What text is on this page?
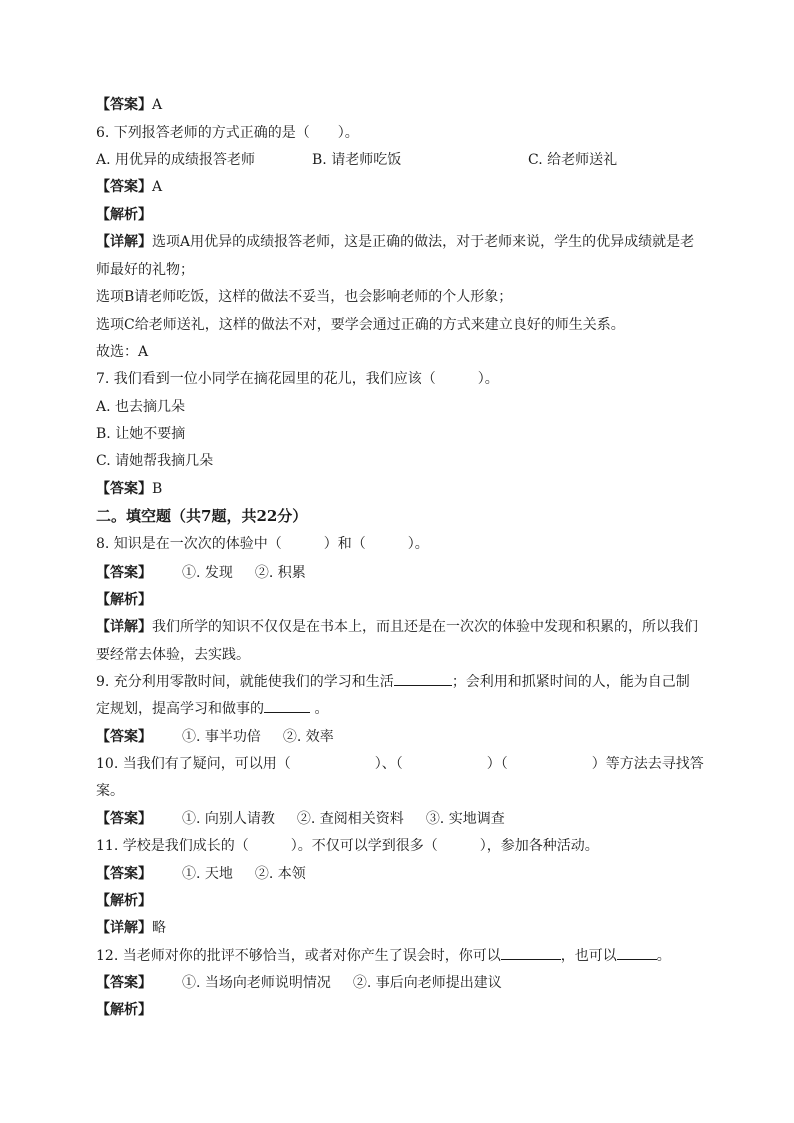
【答案】A
6. 下列报答老师的方式正确的是（　　）。
A. 用优异的成绩报答老师	B. 请老师吃饭	C. 给老师送礼
【答案】A
【解析】
【详解】选项A用优异的成绩报答老师，这是正确的做法，对于老师来说，学生的优异成绩就是老
师最好的礼物；
选项B请老师吃饭，这样的做法不妥当，也会影响老师的个人形象；
选项C给老师送礼，这样的做法不对，要学会通过正确的方式来建立良好的师生关系。
故选：A
7. 我们看到一位小同学在摘花园里的花儿，我们应该（　　　）。
A. 也去摘几朵
B. 让她不要摘
C. 请她帮我摘几朵
【答案】B
二。填空题（共7题，共22分）
8. 知识是在一次次的体验中（　　　）和（　　　）。
【答案】 ①. 发现 ②. 积累
【解析】
【详解】我们所学的知识不仅仅是在书本上，而且还是在一次次的体验中发现和积累的，所以我们
要经常去体验，去实践。
9. 充分利用零散时间，就能使我们的学习和生活	；会利用和抓紧时间的人，能为自己制
定规划，提高学习和做事的	。
【答案】 ①. 事半功倍 ②. 效率
10. 当我们有了疑问，可以用（　　　　　　）、（　　　　　　）（　　　　　　）等方法去寻找答
案。
【答案】 ①. 向别人请教 ②. 查阅相关资料 ③. 实地调查
11. 学校是我们成长的（　　　）。不仅可以学到很多（　　　），参加各种活动。
【答案】 ①. 天地 ②. 本领
【解析】
【详解】略
12. 当老师对你的批评不够恰当，或者对你产生了误会时，你可以	，也可以	。
【答案】 ①. 当场向老师说明情况 ②. 事后向老师提出建议
【解析】
